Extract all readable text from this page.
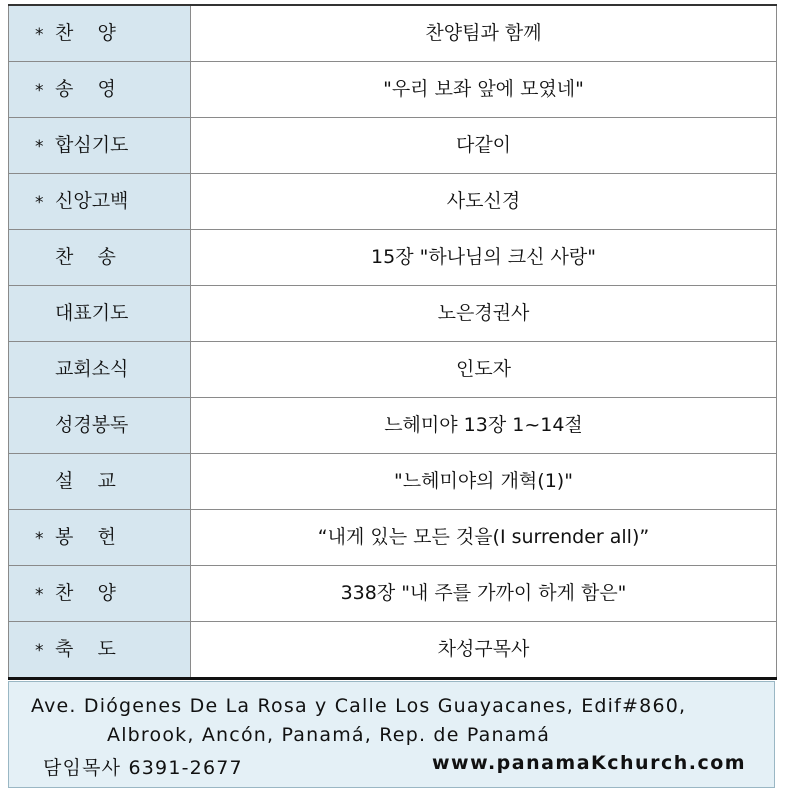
* 찬    양	찬양팀과 함께

* 송    영	"우리 보좌 앞에 모였네"

* 합심기도	다같이

* 신앙고백	사도신경

찬    송	15장 "하나님의 크신 사랑"

대표기도	노은경권사

교회소식	인도자

성경봉독	느헤미야 13장 1~14절

설    교	"느헤미야의 개혁(1)"

* 봉    헌	“내게 있는 모든 것을(I surrender all)”

* 찬    양	338장 "내 주를 가까이 하게 함은"

* 축    도	차성구목사
Ave. Diógenes De La Rosa y Calle Los Guayacanes, Edif#860,
Albrook, Ancón, Panamá, Rep. de Panamá
담임목사 6391-2677	www.panamaKchurch.com
